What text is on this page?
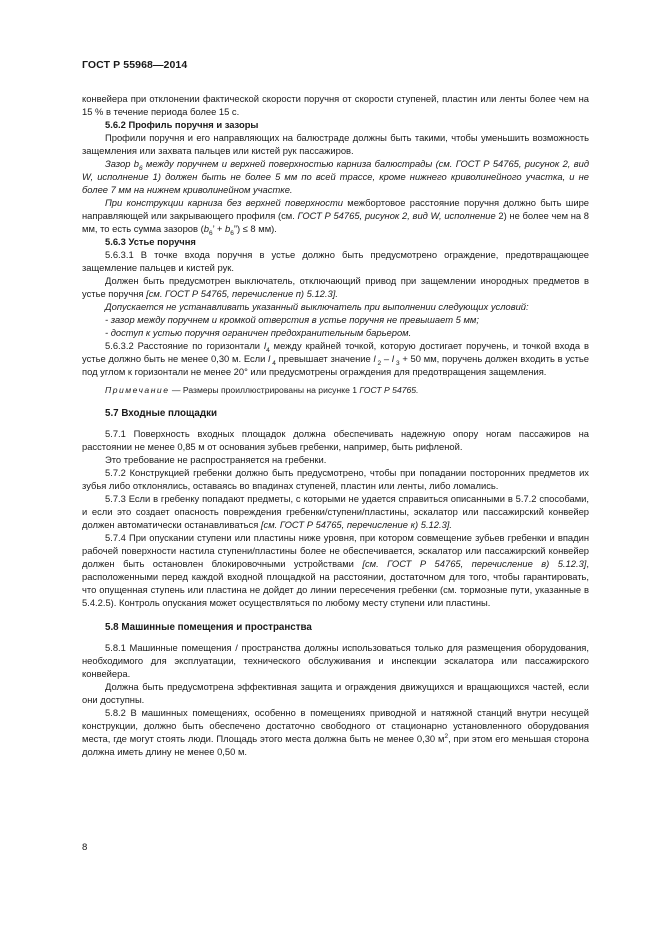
ГОСТ Р 55968—2014

конвейера при отклонении фактической скорости поручня от скорости ступеней, пластин или ленты более чем на 15 % в течение периода более 15 с.

5.6.2 Профиль поручня и зазоры

Профили поручня и его направляющих на балюстраде должны быть такими, чтобы уменьшить возможность защемления или захвата пальцев или кистей рук пассажиров.

Зазор $b_6$ между поручнем и верхней поверхностью карниза балюстрады (см. ГОСТ Р 54765, рисунок 2, вид W, исполнение 1) должен быть не более 5 мм по всей трассе, кроме нижнего криволинейного участка, и не более 7 мм на нижнем криволинейном участке.

При конструкции карниза без верхней поверхности межбортовое расстояние поручня должно быть шире направляющей или закрывающего профиля (см. ГОСТ Р 54765, рисунок 2, вид W, исполнение 2) не более чем на 8 мм, то есть сумма зазоров ($b_6$’ + $b_6”) \le 8$ мм).

5.6.3 Устье поручня

5.6.3.1 В точке входа поручня в устье должно быть предусмотрено ограждение, предотвращающее защемление пальцев и кистей рук.

Должен быть предусмотрен выключатель, отключающий привод при защемлении инородных предметов в устье поручня [см. ГОСТ Р 54765, перечисление п) 5.12.3].

Допускается не устанавливать указанный выключатель при выполнении следующих условий:

- зазор между поручнем и кромкой отверстия в устье поручня не превышает 5 мм;

- доступ к устью поручня ограничен предохранительным барьером.

5.6.3.2 Расстояние по горизонтали $l_4$ между крайней точкой, которую достигает поручень, и точкой входа в устье должно быть не менее 0,30 м. Если l $_4$ превышает значение l $_2$ – l $_3$ + 50 мм, поручень должен входить в устье под углом к горизонтали не менее 20° или предусмотрены ограждения для предотвращения защемления.

Примечание — Размеры проиллюстрированы на рисунке 1 ГОСТ Р 54765.

5.7 Входные площадки

5.7.1 Поверхность входных площадок должна обеспечивать надежную опору ногам пассажиров на расстоянии не менее 0,85 м от основания зубьев гребенки, например, быть рифленой.

Это требование не распространяется на гребенки.

5.7.2 Конструкцией гребенки должно быть предусмотрено, чтобы при попадании посторонних предметов их зубья либо отклонялись, оставаясь во впадинах ступеней, пластин или ленты, либо ломались.

5.7.3 Если в гребенку попадают предметы, с которыми не удается справиться описанными в 5.7.2 способами, и если это создает опасность повреждения гребенки/ступени/пластины, эскалатор или пассажирский конвейер должен автоматически останавливаться [см. ГОСТ Р 54765, перечисление к) 5.12.3].

5.7.4 При опускании ступени или пластины ниже уровня, при котором совмещение зубьев гребенки и впадин рабочей поверхности настила ступени/пластины более не обеспечивается, эскалатор или пассажирский конвейер должен быть остановлен блокировочными устройствами [см. ГОСТ Р 54765, перечисление в) 5.12.3], расположенными перед каждой входной площадкой на расстоянии, достаточном для того, чтобы гарантировать, что опущенная ступень или пластина не дойдет до линии пересечения гребенки (см. тормозные пути, указанные в 5.4.2.5). Контроль опускания может осуществляться по любому месту ступени или пластины.

5.8 Машинные помещения и пространства

5.8.1 Машинные помещения / пространства должны использоваться только для размещения оборудования, необходимого для эксплуатации, технического обслуживания и инспекции эскалатора или пассажирского конвейера.

Должна быть предусмотрена эффективная защита и ограждения движущихся и вращающихся частей, если они доступны.

5.8.2 В машинных помещениях, особенно в помещениях приводной и натяжной станций внутри несущей конструкции, должно быть обеспечено достаточно свободного от стационарно установленного оборудования места, где могут стоять люди. Площадь этого места должна быть не менее 0,30 $м^2$, при этом его меньшая сторона должна иметь длину не менее 0,50 м.

8
